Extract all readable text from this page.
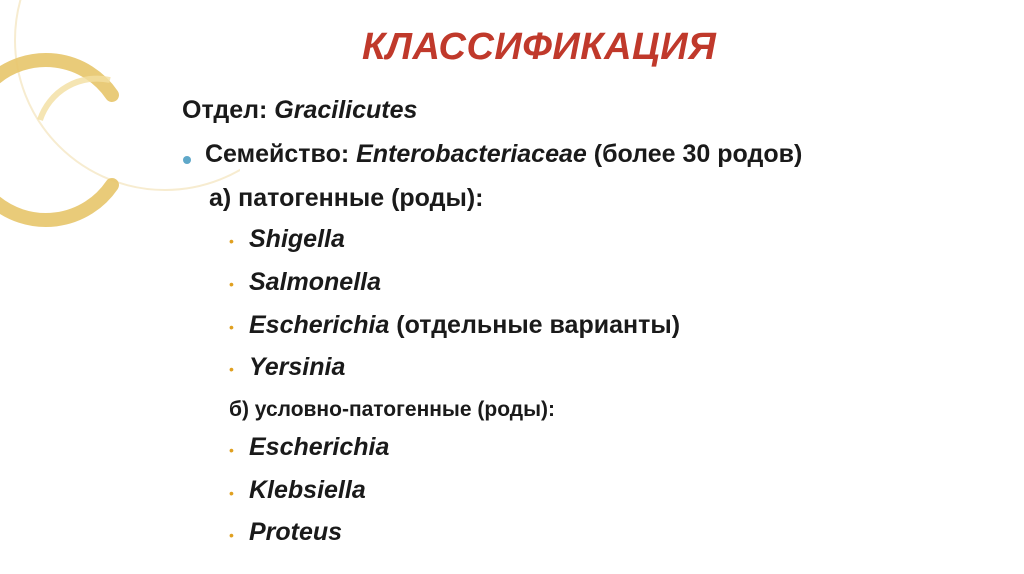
КЛАССИФИКАЦИЯ
Отдел: Gracilicutes
Семейство: Enterobacteriaceae (более 30 родов)
а) патогенные (роды):
• Shigella
• Salmonella
• Escherichia (отдельные варианты)
• Yersinia
б) условно-патогенные (роды):
• Escherichia
• Klebsiella
• Proteus
